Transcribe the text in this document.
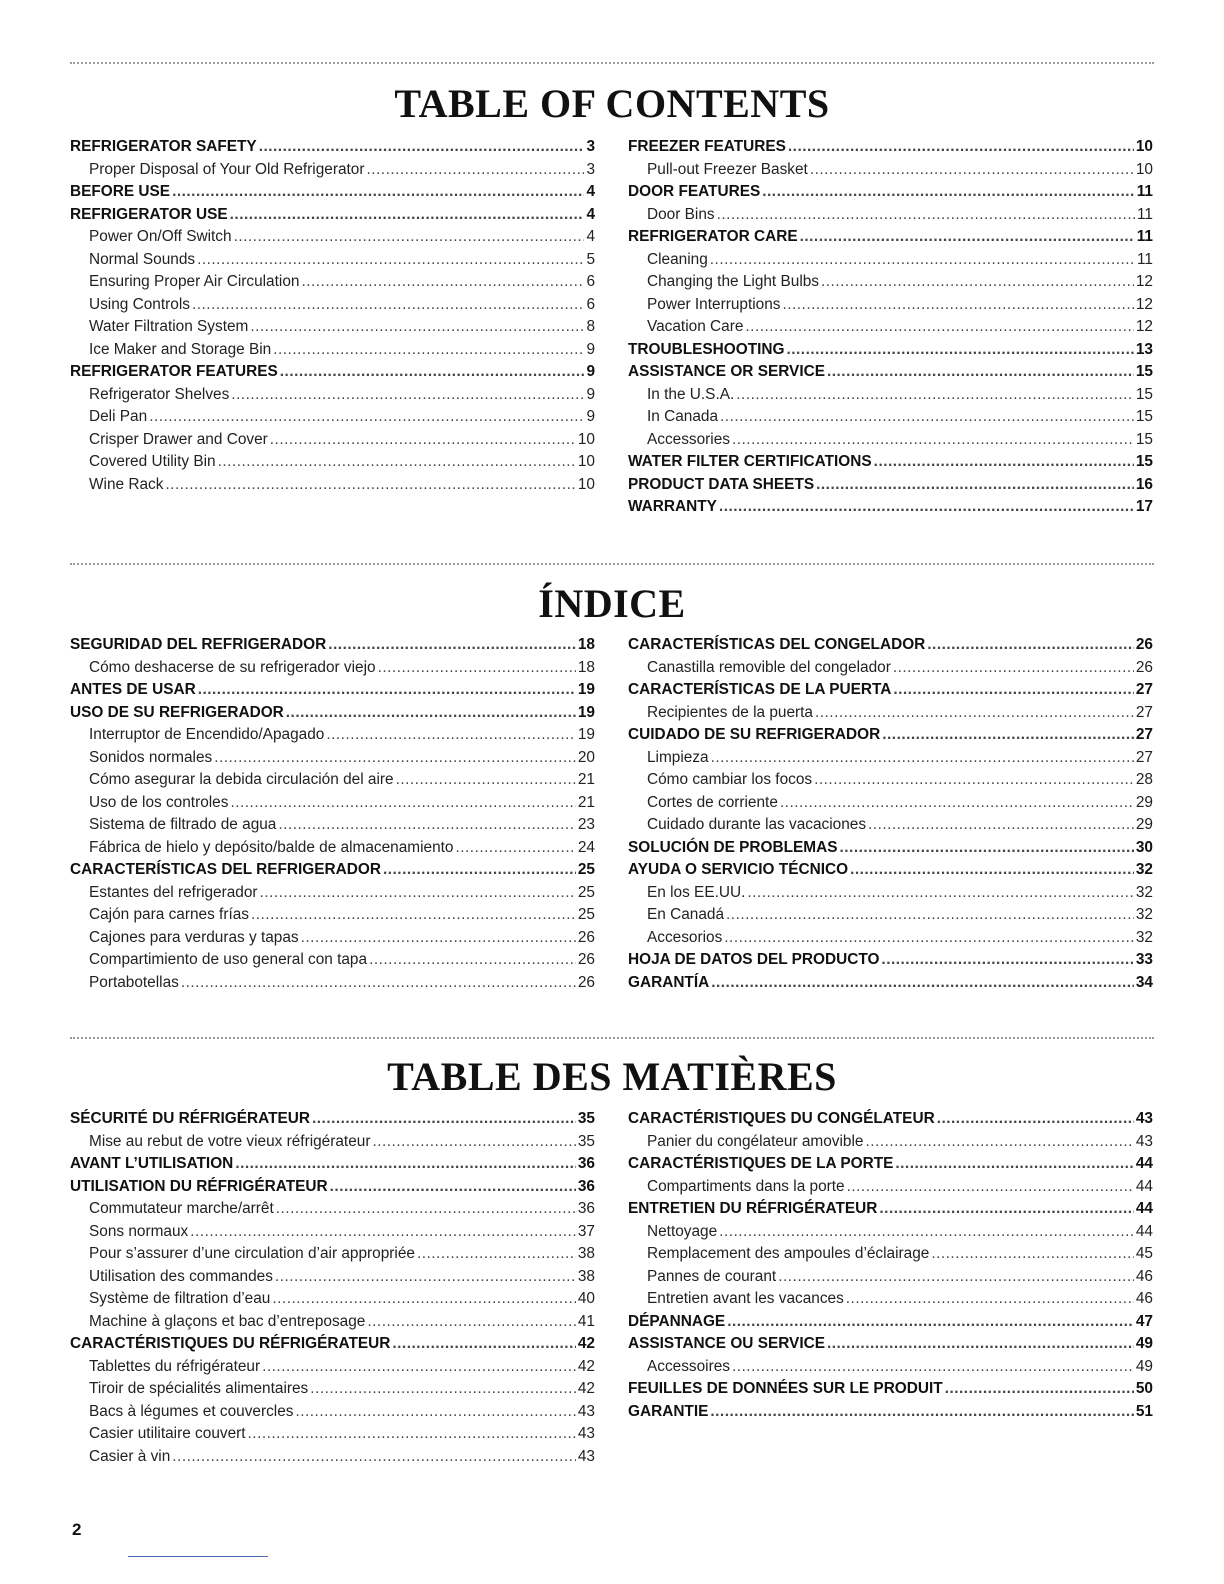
TABLE OF CONTENTS
REFRIGERATOR SAFETY .....	3
Proper Disposal of Your Old Refrigerator .....	3
BEFORE USE .....	4
REFRIGERATOR USE .....	4
Power On/Off Switch .....	4
Normal Sounds .....	5
Ensuring Proper Air Circulation .....	6
Using Controls .....	6
Water Filtration System .....	8
Ice Maker and Storage Bin .....	9
REFRIGERATOR FEATURES .....	9
Refrigerator Shelves .....	9
Deli Pan .....	9
Crisper Drawer and Cover .....	10
Covered Utility Bin .....	10
Wine Rack .....	10
FREEZER FEATURES .....	10
Pull-out Freezer Basket .....	10
DOOR FEATURES .....	11
Door Bins .....	11
REFRIGERATOR CARE .....	11
Cleaning .....	11
Changing the Light Bulbs .....	12
Power Interruptions .....	12
Vacation Care .....	12
TROUBLESHOOTING .....	13
ASSISTANCE OR SERVICE .....	15
In the U.S.A. .....	15
In Canada .....	15
Accessories .....	15
WATER FILTER CERTIFICATIONS .....	15
PRODUCT DATA SHEETS .....	16
WARRANTY .....	17
ÍNDICE
SEGURIDAD DEL REFRIGERADOR .....	18
Cómo deshacerse de su refrigerador viejo .....	18
ANTES DE USAR .....	19
USO DE SU REFRIGERADOR .....	19
Interruptor de Encendido/Apagado .....	19
Sonidos normales .....	20
Cómo asegurar la debida circulación del aire .....	21
Uso de los controles .....	21
Sistema de filtrado de agua .....	23
Fábrica de hielo y depósito/balde de almacenamiento .....	24
CARACTERÍSTICAS DEL REFRIGERADOR .....	25
Estantes del refrigerador .....	25
Cajón para carnes frías .....	25
Cajones para verduras y tapas .....	26
Compartimiento de uso general con tapa .....	26
Portabotellas .....	26
CARACTERÍSTICAS DEL CONGELADOR .....	26
Canastilla removible del congelador .....	26
CARACTERÍSTICAS DE LA PUERTA .....	27
Recipientes de la puerta .....	27
CUIDADO DE SU REFRIGERADOR .....	27
Limpieza .....	27
Cómo cambiar los focos .....	28
Cortes de corriente .....	29
Cuidado durante las vacaciones .....	29
SOLUCIÓN DE PROBLEMAS .....	30
AYUDA O SERVICIO TÉCNICO .....	32
En los EE.UU. .....	32
En Canadá .....	32
Accesorios .....	32
HOJA DE DATOS DEL PRODUCTO .....	33
GARANTÍA .....	34
TABLE DES MATIÈRES
SÉCURITÉ DU RÉFRIGÉRATEUR .....	35
Mise au rebut de votre vieux réfrigérateur .....	35
AVANT L’UTILISATION .....	36
UTILISATION DU RÉFRIGÉRATEUR .....	36
Commutateur marche/arrêt .....	36
Sons normaux .....	37
Pour s’assurer d’une circulation d’air appropriée .....	38
Utilisation des commandes .....	38
Système de filtration d’eau .....	40
Machine à glaçons et bac d’entreposage .....	41
CARACTÉRISTIQUES DU RÉFRIGÉRATEUR .....	42
Tablettes du réfrigérateur .....	42
Tiroir de spécialités alimentaires .....	42
Bacs à légumes et couvercles .....	43
Casier utilitaire couvert .....	43
Casier à vin .....	43
CARACTÉRISTIQUES DU CONGÉLATEUR .....	43
Panier du congélateur amovible .....	43
CARACTÉRISTIQUES DE LA PORTE .....	44
Compartiments dans la porte .....	44
ENTRETIEN DU RÉFRIGÉRATEUR .....	44
Nettoyage .....	44
Remplacement des ampoules d’éclairage .....	45
Pannes de courant .....	46
Entretien avant les vacances .....	46
DÉPANNAGE .....	47
ASSISTANCE OU SERVICE .....	49
Accessoires .....	49
FEUILLES DE DONNÉES SUR LE PRODUIT .....	50
GARANTIE .....	51
2
